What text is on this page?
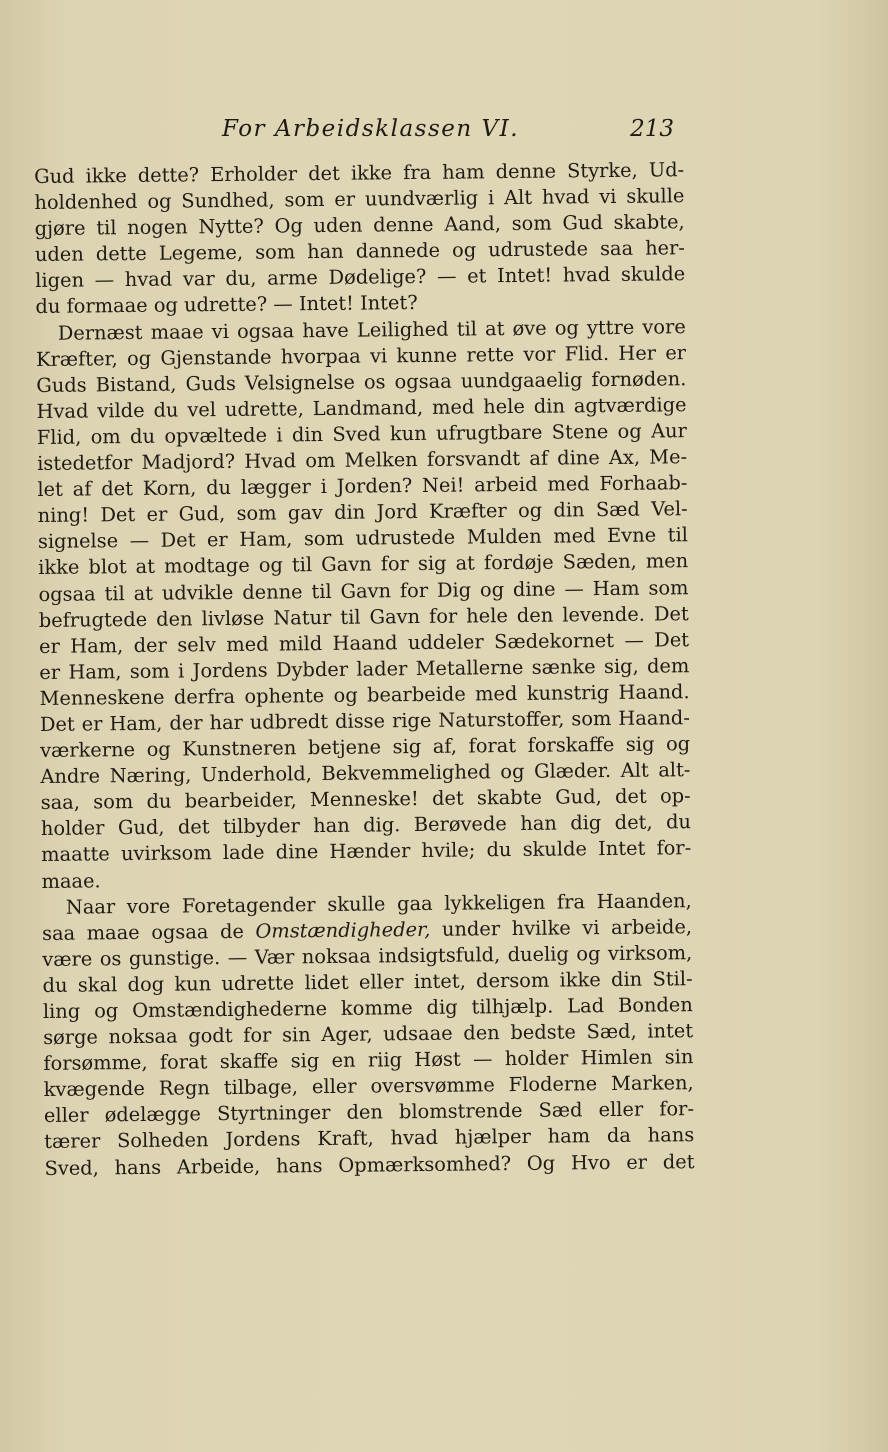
For Arbeidsklassen VI.	213
Gud ikke dette? Erholder det ikke fra ham denne Styrke, Ud-
holdenhed og Sundhed, som er uundværlig i Alt hvad vi skulle
gjøre til nogen Nytte? Og uden denne Aand, som Gud skabte,
uden dette Legeme, som han dannede og udrustede saa her-
ligen — hvad var du, arme Dødelige? — et Intet! hvad skulde
du formaae og udrette? — Intet! Intet?
Dernæst maae vi ogsaa have Leilighed til at øve og yttre vore
Kræfter, og Gjenstande hvorpaa vi kunne rette vor Flid. Her er
Guds Bistand, Guds Velsignelse os ogsaa uundgaaelig fornøden.
Hvad vilde du vel udrette, Landmand, med hele din agtværdige
Flid, om du opvæltede i din Sved kun ufrugtbare Stene og Aur
istedetfor Madjord? Hvad om Melken forsvandt af dine Ax, Me-
let af det Korn, du lægger i Jorden? Nei! arbeid med Forhaab-
ning! Det er Gud, som gav din Jord Kræfter og din Sæd Vel-
signelse — Det er Ham, som udrustede Mulden med Evne til
ikke blot at modtage og til Gavn for sig at fordøje Sæden, men
ogsaa til at udvikle denne til Gavn for Dig og dine — Ham som
befrugtede den livløse Natur til Gavn for hele den levende. Det
er Ham, der selv med mild Haand uddeler Sædekornet — Det
er Ham, som i Jordens Dybder lader Metallerne sænke sig, dem
Menneskene derfra ophente og bearbeide med kunstrig Haand.
Det er Ham, der har udbredt disse rige Naturstoffer, som Haand-
værkerne og Kunstneren betjene sig af, forat forskaffe sig og
Andre Næring, Underhold, Bekvemmelighed og Glæder. Alt alt-
saa, som du bearbeider, Menneske! det skabte Gud, det op-
holder Gud, det tilbyder han dig. Berøvede han dig det, du
maatte uvirksom lade dine Hænder hvile; du skulde Intet for-
maae.
Naar vore Foretagender skulle gaa lykkeligen fra Haanden,
saa maae ogsaa de Omstændigheder, under hvilke vi arbeide,
være os gunstige. — Vær noksaa indsigtsfuld, duelig og virksom,
du skal dog kun udrette lidet eller intet, dersom ikke din Stil-
ling og Omstændighederne komme dig tilhjælp. Lad Bonden
sørge noksaa godt for sin Ager, udsaae den bedste Sæd, intet
forsømme, forat skaffe sig en riig Høst — holder Himlen sin
kvægende Regn tilbage, eller oversvømme Floderne Marken,
eller ødelægge Styrtninger den blomstrende Sæd eller for-
tærer Solheden Jordens Kraft, hvad hjælper ham da hans
Sved, hans Arbeide, hans Opmærksomhed? Og Hvo er det
